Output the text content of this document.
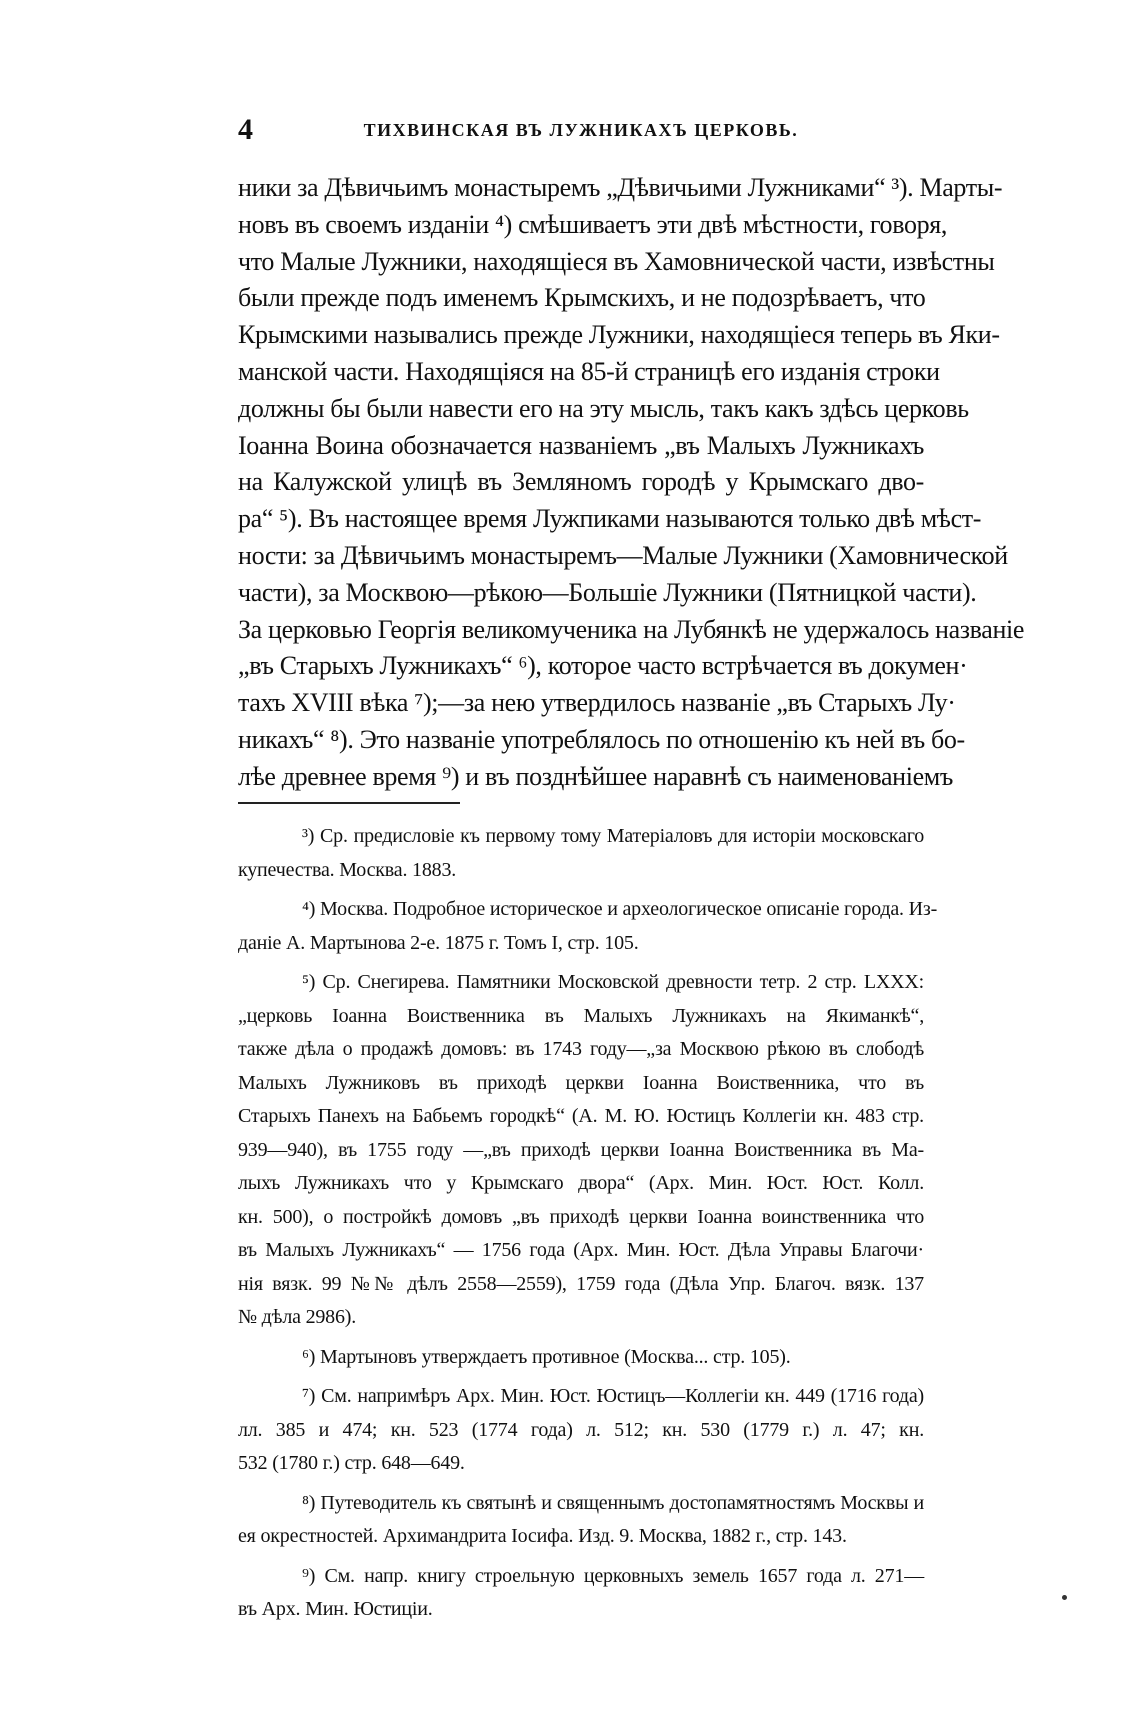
4	ТИХВИНСКАЯ ВЪ ЛУЖНИКАХЪ ЦЕРКОВЬ.
ники за Дѣвичьимъ монастыремъ „Дѣвичьими Лужниками“ ³). Марты-
новъ въ своемъ изданіи ⁴) смѣшиваетъ эти двѣ мѣстности, говоря,
что Малые Лужники, находящіеся въ Хамовнической части, извѣстны
были прежде подъ именемъ Крымскихъ, и не подозрѣваетъ, что
Крымскими назывались прежде Лужники, находящіеся теперь въ Яки-
манской части. Находящіяся на 85-й страницѣ его изданія строки
должны бы были навести его на эту мысль, такъ какъ здѣсь церковь
Іоанна Воина обозначается названіемъ „въ Малыхъ Лужникахъ
на Калужской улицѣ въ Земляномъ городѣ у Крымскаго дво-
ра“ ⁵). Въ настоящее время Лужпиками называются только двѣ мѣст-
ности: за Дѣвичьимъ монастыремъ—Малые Лужники (Хамовнической
части), за Москвою—рѣкою—Большіе Лужники (Пятницкой части).
За церковью Георгія великомученика на Лубянкѣ не удержалось названіе
„въ Старыхъ Лужникахъ“ ⁶), которое часто встрѣчается въ докумен·
тахъ XVIII вѣка ⁷);—за нею утвердилось названіе „въ Старыхъ Лу·
никахъ“ ⁸). Это названіе употреблялось по отношенію къ ней въ бо-
лѣе древнее время ⁹) и въ позднѣйшее наравнѣ съ наименованіемъ
³) Ср. предисловіе къ первому тому Матеріаловъ для исторіи московскаго
купечества. Москва. 1883.
⁴) Москва. Подробное историческое и археологическое описаніе города. Из-
даніе А. Мартынова 2-е. 1875 г. Томъ I, стр. 105.
⁵) Ср. Снегирева. Памятники Московской древности тетр. 2 стр. LXXX:
„церковь Іоанна Воиственника въ Малыхъ Лужникахъ на Якиманкѣ“,
также дѣла о продажѣ домовъ: въ 1743 году—„за Москвою рѣкою въ слободѣ
Малыхъ Лужниковъ въ приходѣ церкви Іоанна Воиственника, что въ
Старыхъ Панехъ на Бабьемъ городкѣ“ (А. М. Ю. Юстицъ Коллегіи кн. 483 стр.
939—940), въ 1755 году —„въ приходѣ церкви Іоанна Воиственника въ Ма-
лыхъ Лужникахъ что у Крымскаго двора“ (Арх. Мин. Юст. Юст. Колл.
кн. 500), о постройкѣ домовъ „въ приходѣ церкви Іоанна воинственника что
въ Малыхъ Лужникахъ“ — 1756 года (Арх. Мин. Юст. Дѣла Управы Благочи·
нія вязк. 99 №№ дѣлъ 2558—2559), 1759 года (Дѣла Упр. Благоч. вязк. 137
№ дѣла 2986).
⁶) Мартыновъ утверждаетъ противное (Москва... стр. 105).
⁷) См. напримѣръ Арх. Мин. Юст. Юстицъ—Коллегіи кн. 449 (1716 года)
лл. 385 и 474; кн. 523 (1774 года) л. 512; кн. 530 (1779 г.) л. 47; кн.
532 (1780 г.) стр. 648—649.
⁸) Путеводитель къ святынѣ и священнымъ достопамятностямъ Москвы и
ея окрестностей. Архимандрита Іосифа. Изд. 9. Москва, 1882 г., стр. 143.
⁹) См. напр. книгу строельную церковныхъ земель 1657 года л. 271—
въ Арх. Мин. Юстиціи.
